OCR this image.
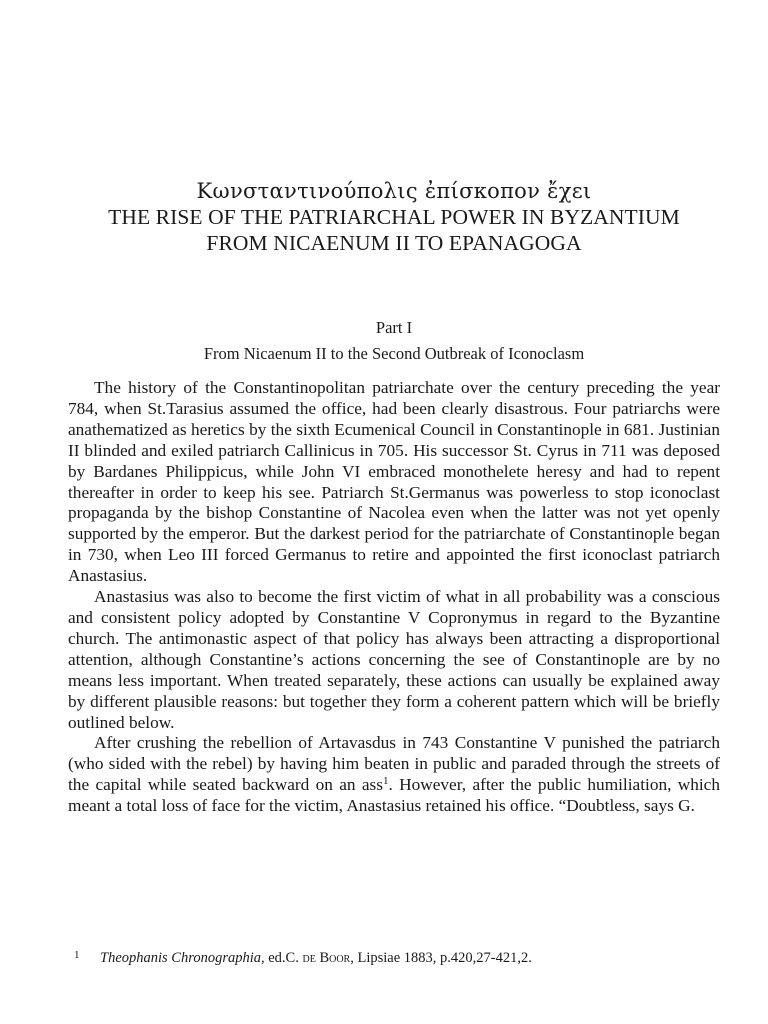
Κωνσταντινούπολις ἐπίσκοπον ἔχει
THE RISE OF THE PATRIARCHAL POWER IN BYZANTIUM
FROM NICAENUM II TO EPANAGOGA
Part I
From Nicaenum II to the Second Outbreak of Iconoclasm

The history of the Constantinopolitan patriarchate over the century preceding the year 784, when St.Tarasius assumed the office, had been clearly disastrous. Four patriarchs were anathematized as heretics by the sixth Ecumenical Council in Constantinople in 681. Justinian II blinded and exiled patriarch Callinicus in 705. His successor St. Cyrus in 711 was deposed by Bardanes Philippicus, while John VI embraced monothelete heresy and had to repent thereafter in order to keep his see. Patriarch St.Germanus was powerless to stop iconoclast propaganda by the bishop Constantine of Nacolea even when the latter was not yet openly supported by the emperor. But the darkest period for the patriarchate of Constantinople began in 730, when Leo III forced Germanus to retire and appointed the first iconoclast patriarch Anastasius.

Anastasius was also to become the first victim of what in all probability was a conscious and consistent policy adopted by Constantine V Copronymus in regard to the Byzantine church. The antimonastic aspect of that policy has always been attracting a disproportional attention, although Constantine’s actions concerning the see of Constantinople are by no means less important. When treated separately, these actions can usually be explained away by different plausible reasons: but together they form a coherent pattern which will be briefly outlined below.

After crushing the rebellion of Artavasdus in 743 Constantine V punished the patriarch (who sided with the rebel) by having him beaten in public and paraded through the streets of the capital while seated backward on an ass$^1$. However, after the public humiliation, which meant a total loss of face for the victim, Anastasius retained his office. “Doubtless, says G.

1 Theophanis Chronographia, ed.C. de Boor, Lipsiae 1883, p.420,27-421,2.
